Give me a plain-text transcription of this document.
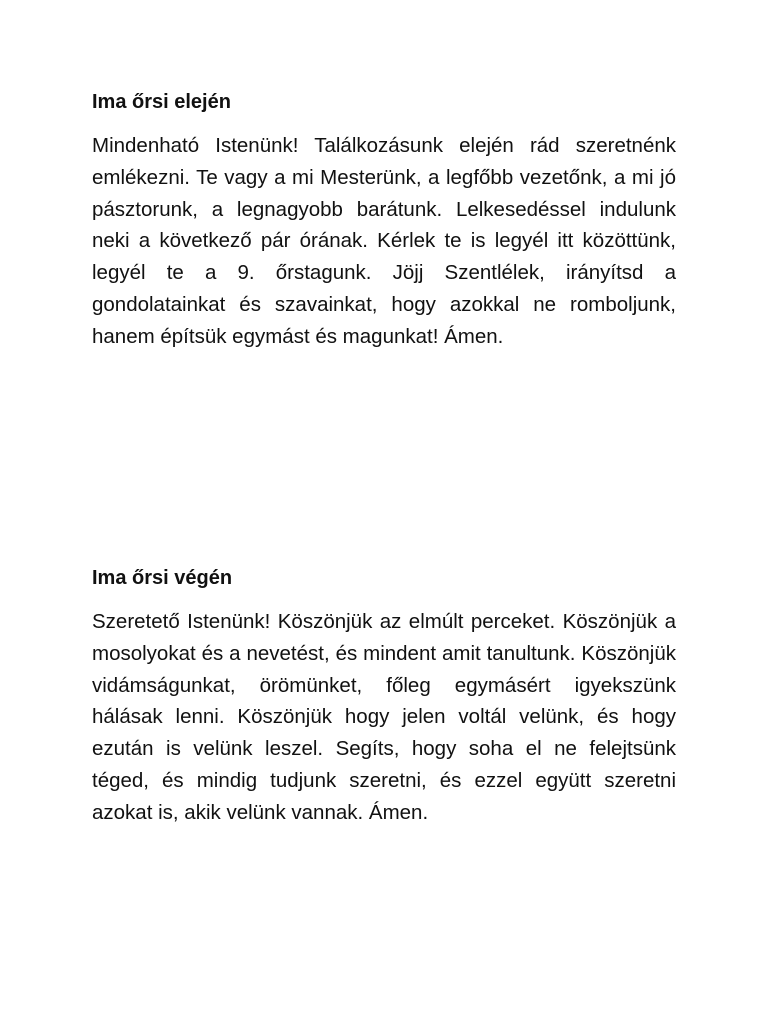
Ima őrsi elején

Mindenható Istenünk! Találkozásunk elején rád szeretnénk emlékezni. Te vagy a mi Mesterünk, a legfőbb vezetőnk, a mi jó pásztorunk, a legnagyobb barátunk. Lelkesedéssel indulunk neki a következő pár órának. Kérlek te is legyél itt közöttünk, legyél te a 9. őrstagunk. Jöjj Szentlélek, irányítsd a gondolatainkat és szavainkat, hogy azokkal ne romboljunk, hanem építsük egymást és magunkat! Ámen.

Ima őrsi végén

Szeretető Istenünk! Köszönjük az elmúlt perceket. Köszönjük a mosolyokat és a nevetést, és mindent amit tanultunk. Köszönjük vidámságunkat, örömünket, főleg egymásért igyekszünk hálásak lenni. Köszönjük hogy jelen voltál velünk, és hogy ezután is velünk leszel. Segíts, hogy soha el ne felejtsünk téged, és mindig tudjunk szeretni, és ezzel együtt szeretni azokat is, akik velünk vannak. Ámen.
